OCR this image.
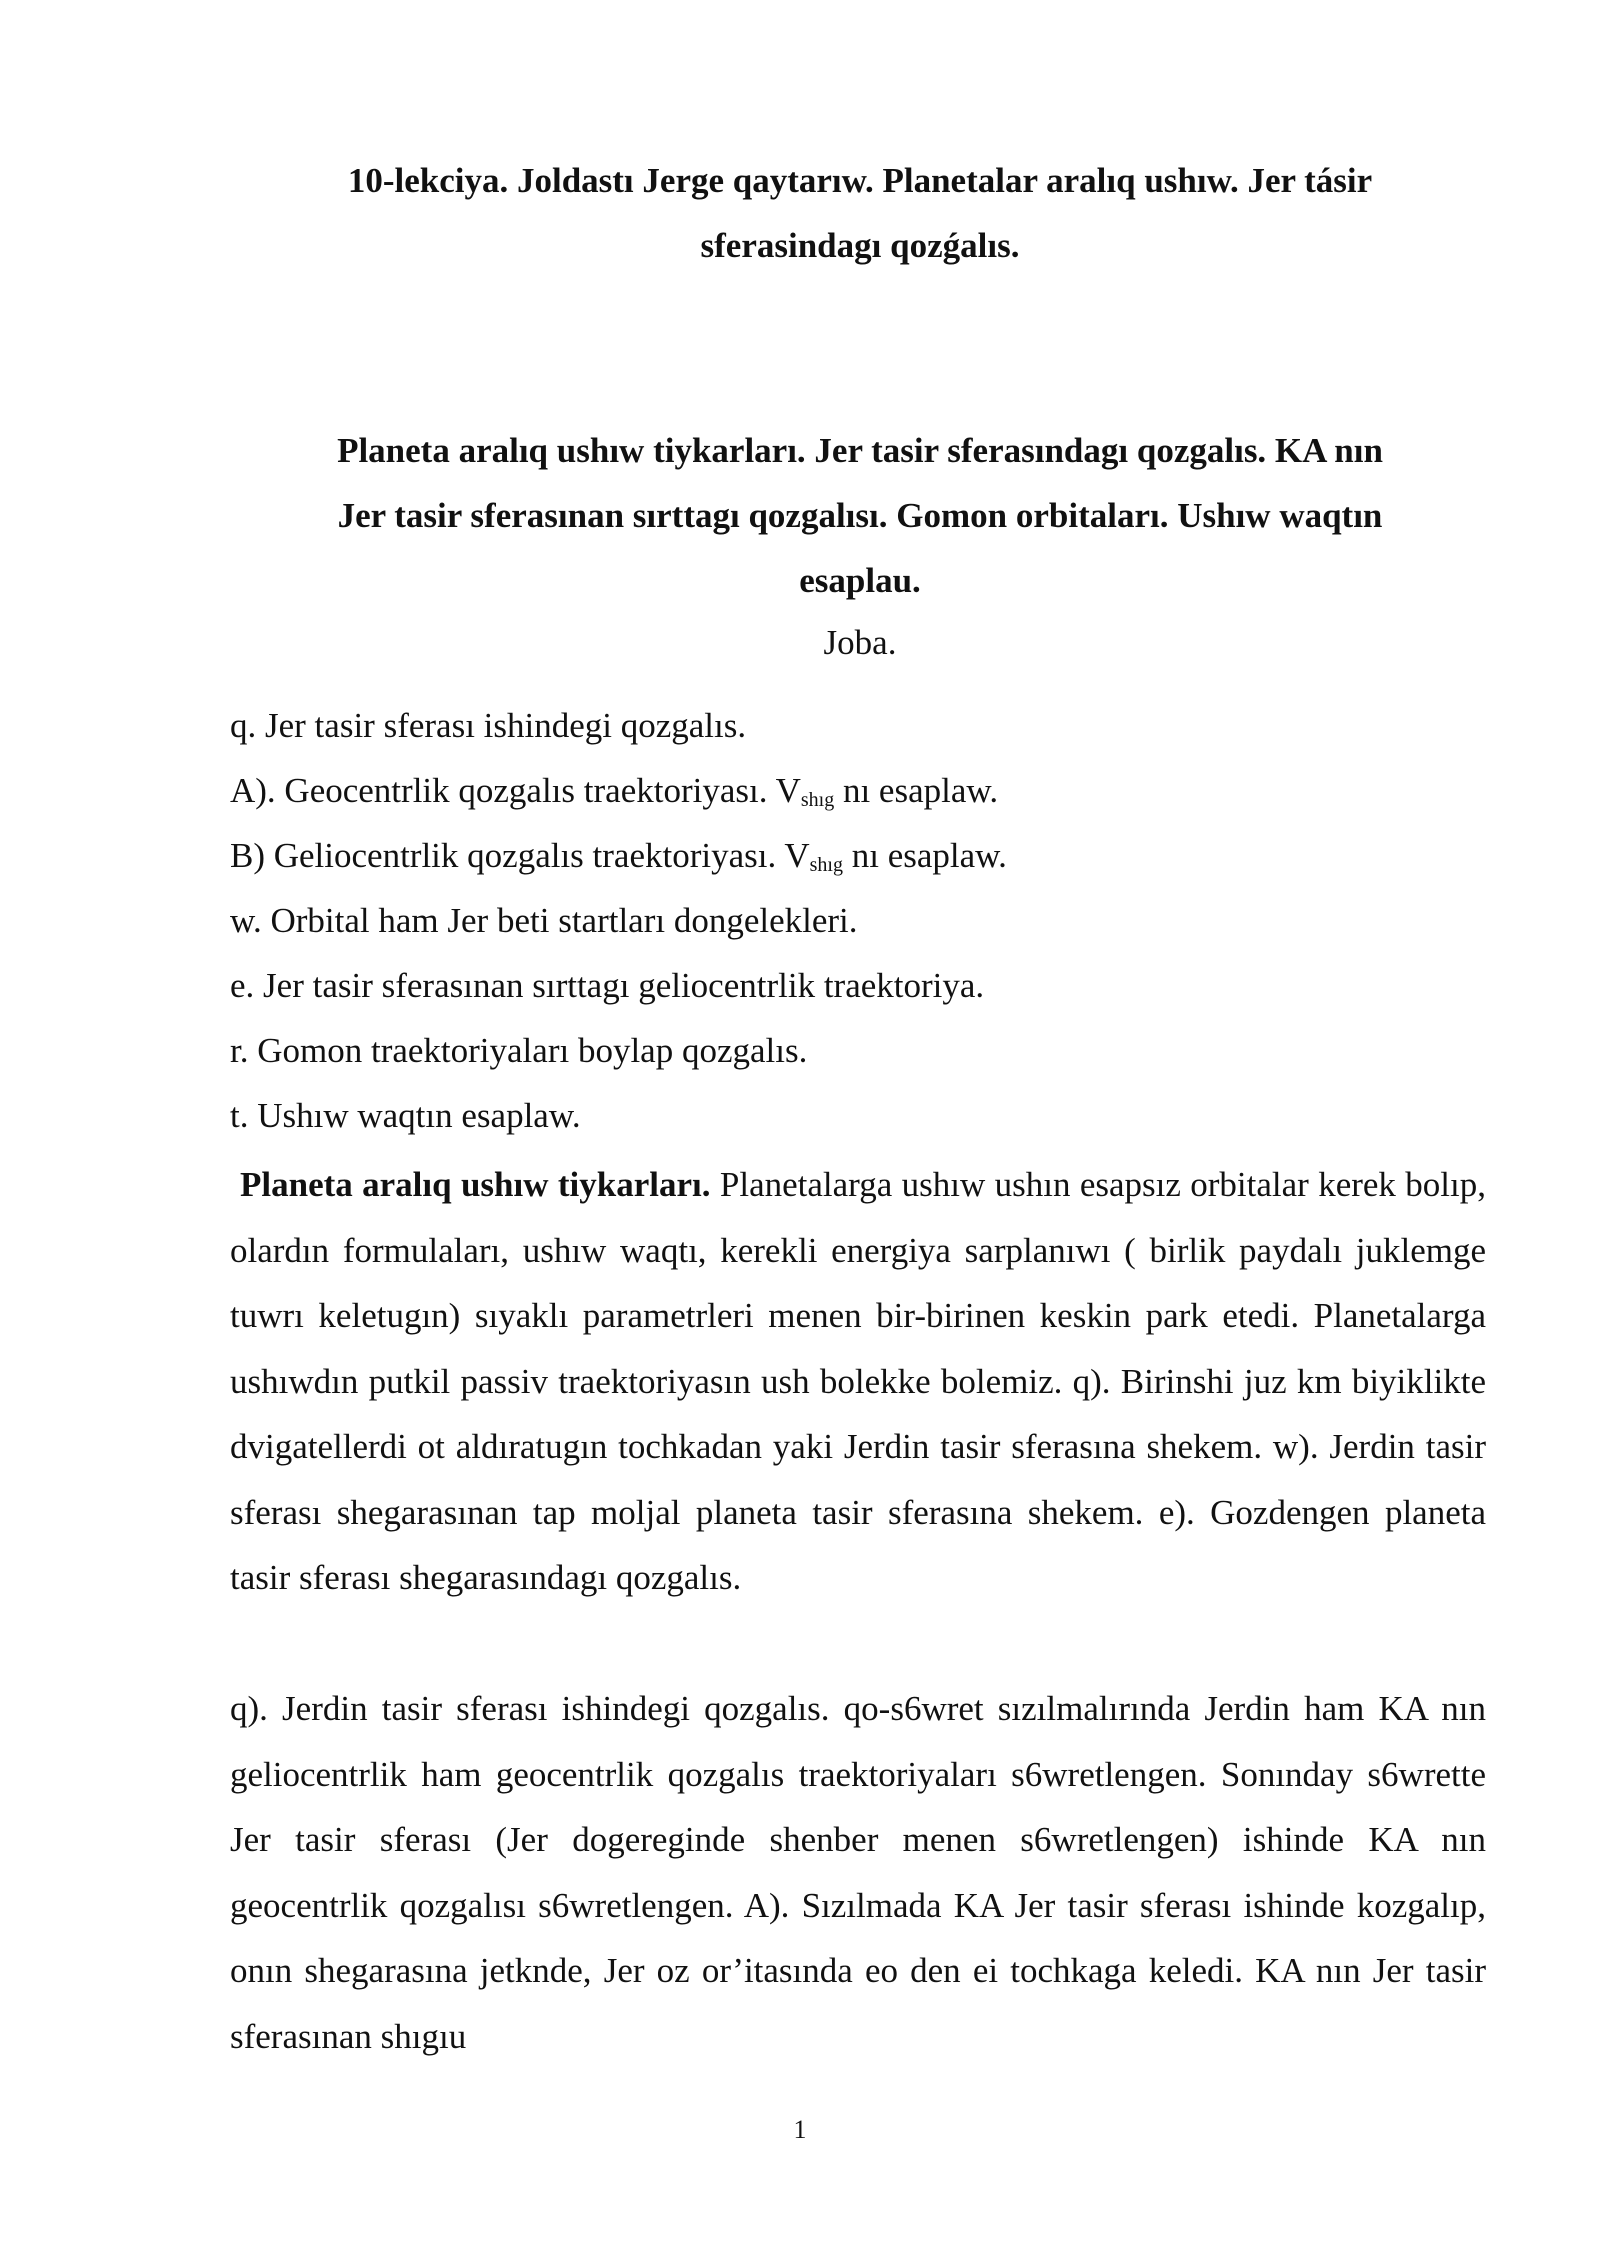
10-lekciya. Joldastı Jerge qaytarıw. Planetalar aralıq ushıw. Jer tásir
sferasindagı qozǵalıs.
Planeta aralıq ushıw tiykarları. Jer tasir sferasındagı qozgalıs. KA nın
Jer tasir sferasınan sırttagı qozgalısı. Gomon orbitaları. Ushıw waqtın
esaplau.
Joba.
q. Jer tasir sferası ishindegi qozgalıs.
A). Geocentrlik qozgalıs traektoriyası. $V_{shıg}$ nı esaplaw.
B) Geliocentrlik qozgalıs traektoriyası. $V_{shıg}$ nı esaplaw.
w. Orbital ham Jer beti startları dongelekleri.
e. Jer tasir sferasınan sırttagı geliocentrlik traektoriya.
r. Gomon traektoriyaları boylap qozgalıs.
t. Ushıw waqtın esaplaw.

Planeta aralıq ushıw tiykarları. Planetalarga ushıw ushın esapsız orbitalar kerek bolıp, olardın formulaları, ushıw waqtı, kerekli energiya sarplanıwı ( birlik paydalı juklemge tuwrı keletugın) sıyaklı parametrleri menen bir-birinen keskin park etedi. Planetalarga ushıwdın putkil passiv traektoriyasın ush bolekke bolemiz. q). Birinshi juz km biyiklikte dvigatellerdi ot aldıratugın tochkadan yaki Jerdin tasir sferasına shekem. w). Jerdin tasir sferası shegarasınan tap moljal planeta tasir sferasına shekem. e). Gozdengen planeta tasir sferası shegarasındagı qozgalıs.

q). Jerdin tasir sferası ishindegi qozgalıs. qo-s6wret sızılmalırında Jerdin ham KA nın geliocentrlik ham geocentrlik qozgalıs traektoriyaları s6wretlengen. Sonınday s6wrette Jer tasir sferası (Jer dogereginde shenber menen s6wretlengen) ishinde KA nın geocentrlik qozgalısı s6wretlengen. A). Sızılmada KA Jer tasir sferası ishinde kozgalıp, onın shegarasına jetknde, Jer oz or’itasında eo den ei tochkaga keledi. KA nın Jer tasir sferasınan shıgıu

1
